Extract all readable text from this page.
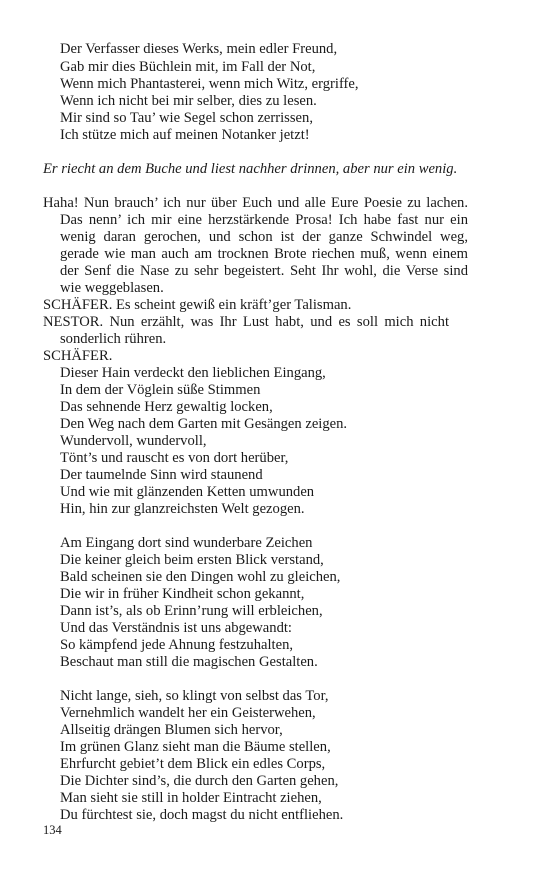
Der Verfasser dieses Werks, mein edler Freund,
Gab mir dies Büchlein mit, im Fall der Not,
Wenn mich Phantasterei, wenn mich Witz, ergriffe,
Wenn ich nicht bei mir selber, dies zu lesen.
Mir sind so Tau’ wie Segel schon zerrissen,
Ich stütze mich auf meinen Notanker jetzt!
Er riecht an dem Buche und liest nachher drinnen, aber nur ein wenig.
Haha! Nun brauch’ ich nur über Euch und alle Eure Poesie zu lachen.
Das nenn’ ich mir eine herzstärkende Prosa! Ich habe fast nur ein
wenig daran gerochen, und schon ist der ganze Schwindel weg,
gerade wie man auch am trocknen Brote riechen muß, wenn einem
der Senf die Nase zu sehr begeistert. Seht Ihr wohl, die Verse sind
wie weggeblasen.
SCHÄFER. Es scheint gewiß ein kräft’ger Talisman.
NESTOR. Nun erzählt, was Ihr Lust habt, und es soll mich nicht
sonderlich rühren.
SCHÄFER.
Dieser Hain verdeckt den lieblichen Eingang,
In dem der Vöglein süße Stimmen
Das sehnende Herz gewaltig locken,
Den Weg nach dem Garten mit Gesängen zeigen.
Wundervoll, wundervoll,
Tönt’s und rauscht es von dort herüber,
Der taumelnde Sinn wird staunend
Und wie mit glänzenden Ketten umwunden
Hin, hin zur glanzreichsten Welt gezogen.
Am Eingang dort sind wunderbare Zeichen
Die keiner gleich beim ersten Blick verstand,
Bald scheinen sie den Dingen wohl zu gleichen,
Die wir in früher Kindheit schon gekannt,
Dann ist’s, als ob Erinn’rung will erbleichen,
Und das Verständnis ist uns abgewandt:
So kämpfend jede Ahnung festzuhalten,
Beschaut man still die magischen Gestalten.
Nicht lange, sieh, so klingt von selbst das Tor,
Vernehmlich wandelt her ein Geisterwehen,
Allseitig drängen Blumen sich hervor,
Im grünen Glanz sieht man die Bäume stellen,
Ehrfurcht gebiet’t dem Blick ein edles Corps,
Die Dichter sind’s, die durch den Garten gehen,
Man sieht sie still in holder Eintracht ziehen,
Du fürchtest sie, doch magst du nicht entfliehen.
134
